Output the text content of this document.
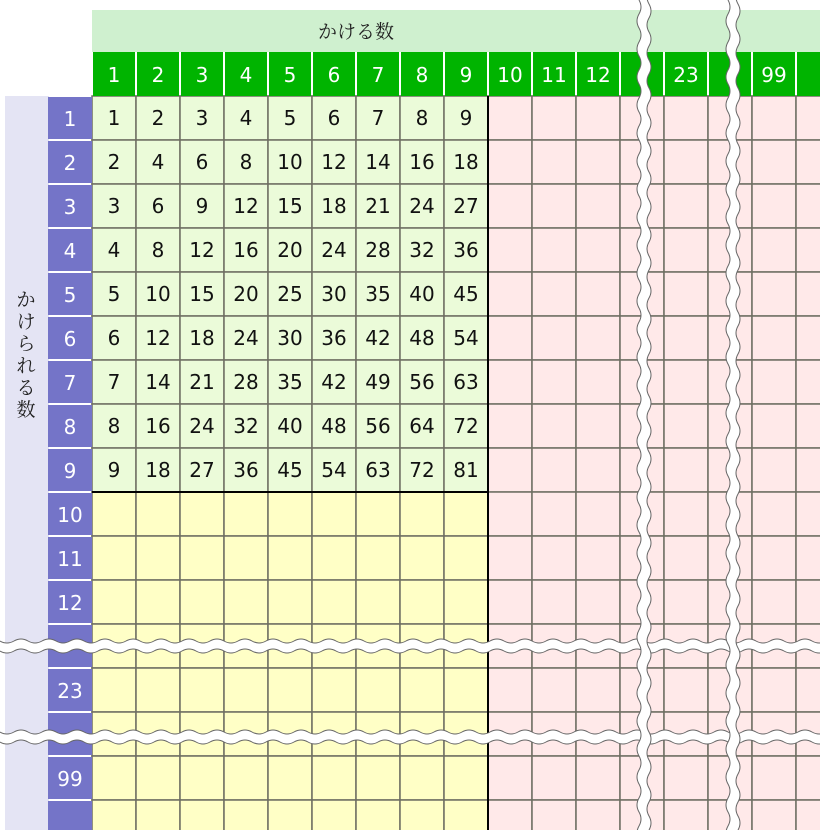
かける数
か
け
ら
れ
る
数
1 2 3 4 5 6 7 8 9
2 4 6 8 10 12 14 16 18
3 6 9 12 15 18 21 24 27
4 8 12 16 20 24 28 32 36
5 10 15 20 25 30 35 40 45
6 12 18 24 30 36 42 48 54
7 14 21 28 35 42 49 56 63
8 16 24 32 40 48 56 64 72
9 18 27 36 45 54 63 72 81
1 2 3 4 5 6 7 8 9 10 11 12	23	99
1
2
3
4
5
6
7
8
9
10
11
12
23
99
